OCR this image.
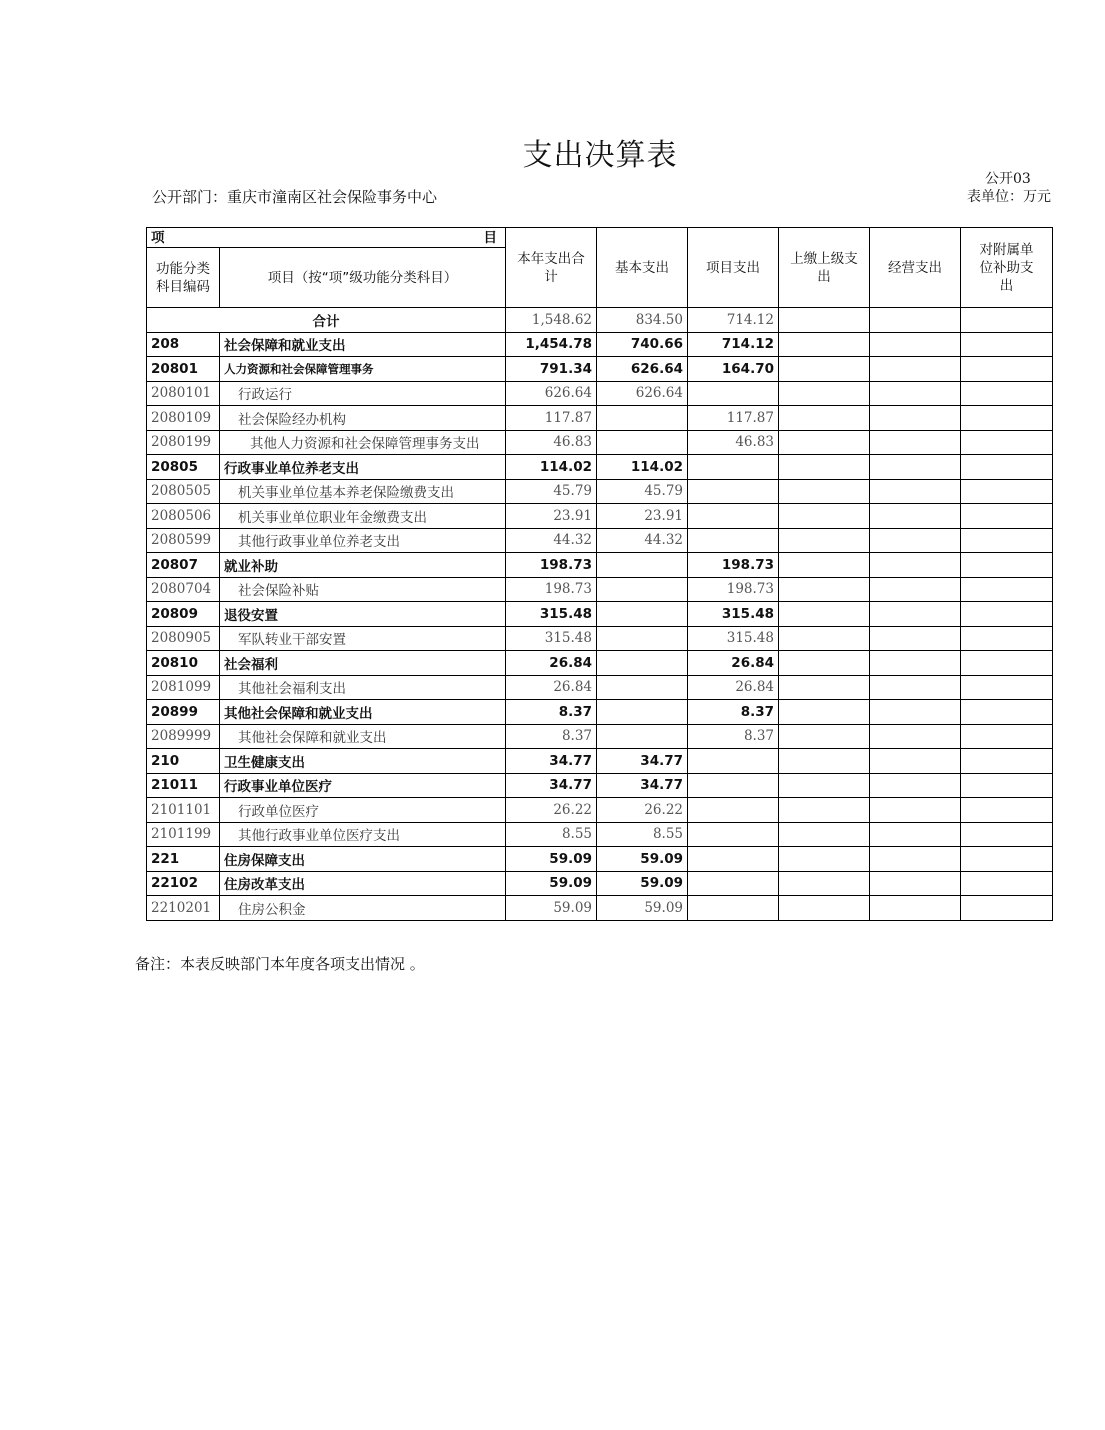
支出决算表
公开03
表单位：万元
公开部门：重庆市潼南区社会保险事务中心
项 目		本年支出合计	基本支出	项目支出	上缴上级支出	经营支出	对附属单位补助支出
功能分类科目编码	项目（按“项”级功能分类科目）						
合计		1,548.62	834.50	714.12			
208	社会保障和就业支出	1,454.78	740.66	714.12			
20801	人力资源和社会保障管理事务	791.34	626.64	164.70			
2080101	行政运行	626.64	626.64				
2080109	社会保险经办机构	117.87		117.87			
2080199	其他人力资源和社会保障管理事务支出	46.83		46.83			
20805	行政事业单位养老支出	114.02	114.02				
2080505	机关事业单位基本养老保险缴费支出	45.79	45.79				
2080506	机关事业单位职业年金缴费支出	23.91	23.91				
2080599	其他行政事业单位养老支出	44.32	44.32				
20807	就业补助	198.73		198.73			
2080704	社会保险补贴	198.73		198.73			
20809	退役安置	315.48		315.48			
2080905	军队转业干部安置	315.48		315.48			
20810	社会福利	26.84		26.84			
2081099	其他社会福利支出	26.84		26.84			
20899	其他社会保障和就业支出	8.37		8.37			
2089999	其他社会保障和就业支出	8.37		8.37			
210	卫生健康支出	34.77	34.77				
21011	行政事业单位医疗	34.77	34.77				
2101101	行政单位医疗	26.22	26.22				
2101199	其他行政事业单位医疗支出	8.55	8.55				
221	住房保障支出	59.09	59.09				
22102	住房改革支出	59.09	59.09				
2210201	住房公积金	59.09	59.09				
备注：本表反映部门本年度各项支出情况 。
